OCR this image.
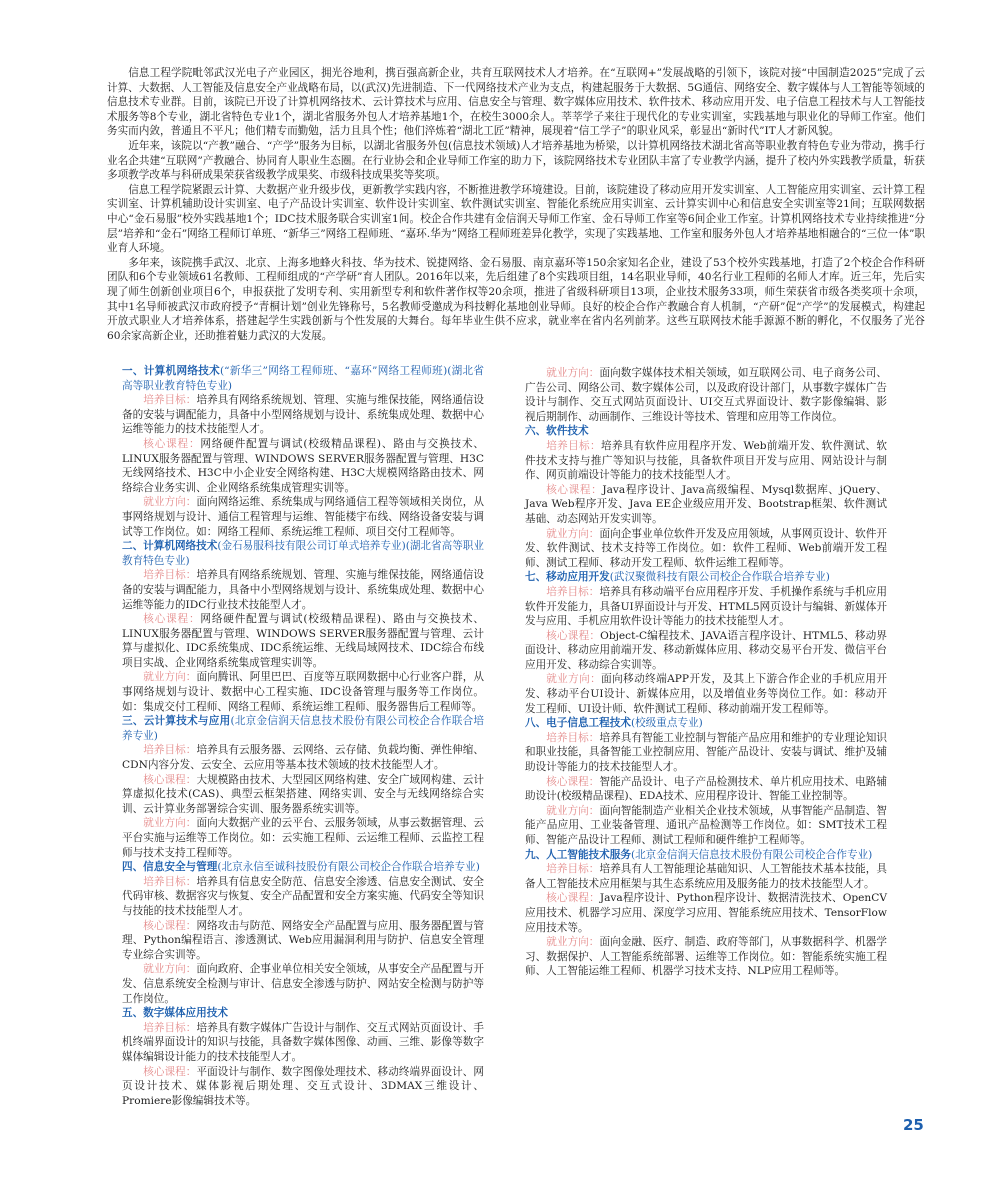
信息工程学院毗邻武汉光电子产业园区，拥光谷地利，携百强高新企业，共育互联网技术人才培养。在“互联网+”发展战略的引领下，该院对接“中国制造2025”完成了云计算、大数据、人工智能及信息安全产业战略布局，以(武汉)先进制造、下一代网络技术产业为支点，构建起服务于大数据、5G通信、网络安全、数字媒体与人工智能等领域的信息技术专业群。目前，该院已开设了计算机网络技术、云计算技术与应用、信息安全与管理、数字媒体应用技术、软件技术、移动应用开发、电子信息工程技术与人工智能技术服务等8个专业，湖北省特色专业1个，湖北省服务外包人才培养基地1个，在校生3000余人。莘莘学子来往于现代化的专业实训室，实践基地与职业化的导师工作室。他们务实而内敛，普通且不平凡；他们精专而勤勉，活力且具个性；他们淬炼着“湖北工匠”精神，展现着“信工学子”的职业风采，彰显出“新时代”IT人才新风貌。

近年来，该院以“产教”融合、“产学”服务为目标，以湖北省服务外包(信息技术领域)人才培养基地为桥梁，以计算机网络技术湖北省高等职业教育特色专业为带动，携手行业名企共建“互联网”产教融合、协同育人职业生态圈。在行业协会和企业导师工作室的助力下，该院网络技术专业团队丰富了专业教学内涵，提升了校内外实践教学质量，斩获多项教学改革与科研成果荣获省级教学成果奖、市级科技成果奖等奖项。

信息工程学院紧跟云计算、大数据产业升级步伐，更新教学实践内容，不断推进教学环境建设。目前，该院建设了移动应用开发实训室、人工智能应用实训室、云计算工程实训室、计算机辅助设计实训室、电子产品设计实训室、软件设计实训室、软件测试实训室、智能化系统应用实训室、云计算实训中心和信息安全实训室等21间；互联网数据中心“金石易服”校外实践基地1个；IDC技术服务联合实训室1间。校企合作共建有金信润天导师工作室、金石导师工作室等6间企业工作室。计算机网络技术专业持续推进“分层”培养和“金石”网络工程师订单班、“新华三”网络工程师班、“嘉环.华为”网络工程师班差异化教学，实现了实践基地、工作室和服务外包人才培养基地相融合的“三位一体”职业育人环境。

多年来，该院携手武汉、北京、上海多地蜂火科技、华为技术、锐捷网络、金石易服、南京嘉环等150余家知名企业，建设了53个校外实践基地，打造了2个校企合作科研团队和6个专业领域61名教师、工程师组成的“产学研”育人团队。2016年以来，先后组建了8个实践项目组，14名职业导师，40名行业工程师的名师人才库。近三年，先后实现了师生创新创业项目6个，申报获批了发明专利、实用新型专利和软件著作权等20余项，推进了省级科研项目13项，企业技术服务33项，师生荣获省市级各类奖项十余项，其中1名导师被武汉市政府授予“青桐计划”创业先锋称号，5名教师受邀成为科技孵化基地创业导师。良好的校企合作产教融合育人机制，“产研”促“产学”的发展模式，构建起开放式职业人才培养体系，搭建起学生实践创新与个性发展的大舞台。每年毕业生供不应求，就业率在省内名列前茅。这些互联网技术能手源源不断的孵化，不仅服务了光谷60余家高新企业，还助推着魅力武汉的大发展。

一、计算机网络技术(“新华三”网络工程师班、“嘉环”网络工程师班)(湖北省高等职业教育特色专业)

培养目标：培养具有网络系统规划、管理、实施与维保技能，网络通信设备的安装与调配能力，具备中小型网络规划与设计、系统集成处理、数据中心运维等能力的技术技能型人才。

核心课程：网络硬件配置与调试(校级精品课程)、路由与交换技术、LINUX服务器配置与管理、WINDOWS SERVER服务器配置与管理、H3C无线网络技术、H3C中小企业安全网络构建、H3C大规模网络路由技术、网络综合业务实训、企业网络系统集成管理实训等。

就业方向：面向网络运维、系统集成与网络通信工程等领域相关岗位，从事网络规划与设计、通信工程管理与运维、智能楼宇布线、网络设备安装与调试等工作岗位。如：网络工程师、系统运维工程师、项目交付工程师等。

二、计算机网络技术(金石易服科技有限公司订单式培养专业)(湖北省高等职业教育特色专业)

培养目标：培养具有网络系统规划、管理、实施与维保技能，网络通信设备的安装与调配能力，具备中小型网络规划与设计、系统集成处理、数据中心运维等能力的IDC行业技术技能型人才。

核心课程：网络硬件配置与调试(校级精品课程)、路由与交换技术、LINUX服务器配置与管理、WINDOWS SERVER服务器配置与管理、云计算与虚拟化、IDC系统集成、IDC系统运维、无线局域网技术、IDC综合布线项目实战、企业网络系统集成管理实训等。

就业方向：面向腾讯、阿里巴巴、百度等互联网数据中心行业客户群，从事网络规划与设计、数据中心工程实施、IDC设备管理与服务等工作岗位。如：集成交付工程师、网络工程师、系统运维工程师、服务器售后工程师等。

三、云计算技术与应用(北京金信润天信息技术股份有限公司校企合作联合培养专业)

培养目标：培养具有云服务器、云网络、云存储、负载均衡、弹性伸缩、CDN内容分发、云安全、云应用等基本技术领域的技术技能型人才。

核心课程：大规模路由技术、大型园区网络构建、安全广域网构建、云计算虚拟化技术(CAS)、典型云框架搭建、网络实训、安全与无线网络综合实训、云计算业务部署综合实训、服务器系统实训等。

就业方向：面向大数据产业的云平台、云服务领域，从事云数据管理、云平台实施与运维等工作岗位。如：云实施工程师、云运维工程师、云监控工程师与技术支持工程师等。

四、信息安全与管理(北京永信至诚科技股份有限公司校企合作联合培养专业)

培养目标：培养具有信息安全防范、信息安全渗透、信息安全测试、安全代码审核、数据容灾与恢复、安全产品配置和安全方案实施、代码安全等知识与技能的技术技能型人才。

核心课程：网络攻击与防范、网络安全产品配置与应用、服务器配置与管理、Python编程语言、渗透测试、Web应用漏洞利用与防护、信息安全管理专业综合实训等。

就业方向：面向政府、企事业单位相关安全领域，从事安全产品配置与开发、信息系统安全检测与审计、信息安全渗透与防护、网站安全检测与防护等工作岗位。

五、数字媒体应用技术

培养目标：培养具有数字媒体广告设计与制作、交互式网站页面设计、手机终端界面设计的知识与技能，具备数字媒体图像、动画、三维、影像等数字媒体编辑设计能力的技术技能型人才。

核心课程：平面设计与制作、数字图像处理技术、移动终端界面设计、网页设计技术、媒体影视后期处理、交互式设计、3DMAX三维设计、Promiere影像编辑技术等。

就业方向：面向数字媒体技术相关领域，如互联网公司、电子商务公司、广告公司、网络公司、数字媒体公司，以及政府设计部门，从事数字媒体广告设计与制作、交互式网站页面设计、UI交互式界面设计、数字影像编辑、影视后期制作、动画制作、三维设计等技术、管理和应用等工作岗位。

六、软件技术

培养目标：培养具有软件应用程序开发、Web前端开发、软件测试、软件技术支持与推广等知识与技能，具备软件项目开发与应用、网站设计与制作、网页前端设计等能力的技术技能型人才。

核心课程：Java程序设计、Java高级编程、Mysql数据库、jQuery、Java Web程序开发、Java EE企业级应用开发、Bootstrap框架、软件测试基础、动态网站开发实训等。

就业方向：面向企事业单位软件开发及应用领域，从事网页设计、软件开发、软件测试、技术支持等工作岗位。如：软件工程师、Web前端开发工程师、测试工程师、移动开发工程师、软件运维工程师等。

七、移动应用开发(武汉聚微科技有限公司校企合作联合培养专业)

培养目标：培养具有移动端平台应用程序开发、手机操作系统与手机应用软件开发能力，具备UI界面设计与开发、HTML5网页设计与编辑、新媒体开发与应用、手机应用软件设计等能力的技术技能型人才。

核心课程：Object-C编程技术、JAVA语言程序设计、HTML5、移动界面设计、移动应用前端开发、移动新媒体应用、移动交易平台开发、微信平台应用开发、移动综合实训等。

就业方向：面向移动终端APP开发，及其上下游合作企业的手机应用开发、移动平台UI设计、新媒体应用，以及增值业务等岗位工作。如：移动开发工程师、UI设计师、软件测试工程师、移动前端开发工程师等。

八、电子信息工程技术(校级重点专业)

培养目标：培养具有智能工业控制与智能产品应用和维护的专业理论知识和职业技能，具备智能工业控制应用、智能产品设计、安装与调试、维护及辅助设计等能力的技术技能型人才。

核心课程：智能产品设计、电子产品检测技术、单片机应用技术、电路辅助设计(校级精品课程)、EDA技术、应用程序设计、智能工业控制等。

就业方向：面向智能制造产业相关企业技术领域，从事智能产品制造、智能产品应用、工业装备管理、通讯产品检测等工作岗位。如：SMT技术工程师、智能产品设计工程师、测试工程师和硬件维护工程师等。

九、人工智能技术服务(北京金信润天信息技术股份有限公司校企合作专业)

培养目标：培养具有人工智能理论基础知识、人工智能技术基本技能，具备人工智能技术应用框架与其生态系统应用及服务能力的技术技能型人才。

核心课程：Java程序设计、Python程序设计、数据清洗技术、OpenCV应用技术、机器学习应用、深度学习应用、智能系统应用技术、TensorFlow应用技术等。

就业方向：面向金融、医疗、制造、政府等部门，从事数据科学、机器学习、数据保护、人工智能系统部署、运维等工作岗位。如：智能系统实施工程师、人工智能运维工程师、机器学习技术支持、NLP应用工程师等。

25
